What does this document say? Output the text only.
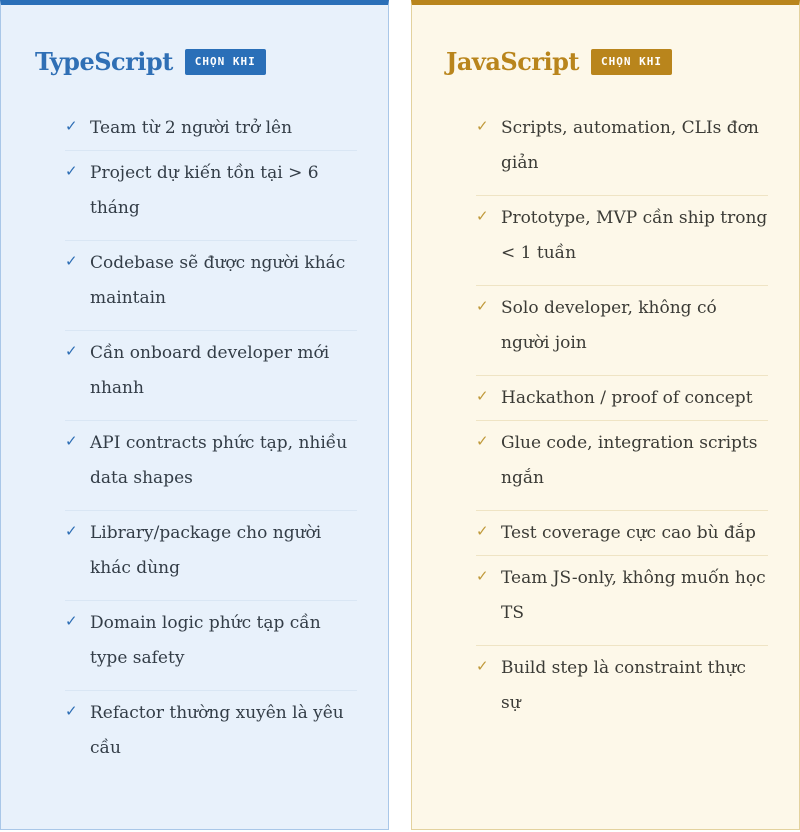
TypeScript	CHỌN KHI
✓ Team từ 2 người trở lên
✓ Project dự kiến tồn tại > 6 tháng
✓ Codebase sẽ được người khác maintain
✓ Cần onboard developer mới nhanh
✓ API contracts phức tạp, nhiều data shapes
✓ Library/package cho người khác dùng
✓ Domain logic phức tạp cần type safety
✓ Refactor thường xuyên là yêu cầu
JavaScript	CHỌN KHI
✓ Scripts, automation, CLIs đơn giản
✓ Prototype, MVP cần ship trong < 1 tuần
✓ Solo developer, không có người join
✓ Hackathon / proof of concept
✓ Glue code, integration scripts ngắn
✓ Test coverage cực cao bù đắp
✓ Team JS-only, không muốn học TS
✓ Build step là constraint thực sự
